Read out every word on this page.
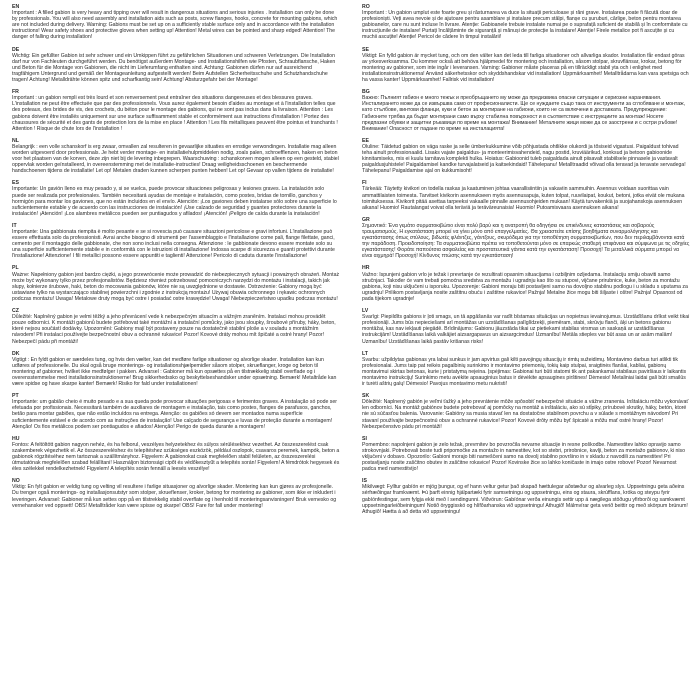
EN

Important : A filled gabion is very heavy and tipping over will result in dangerous situations and serious injuries . Installation can only be done by professionals. You will also need assembly and installation aids such as posts, screw flanges, hooks, concrete for mounting gabions, which are not included during delivery. Warning: Gabions must be set up on a sufficiently stable surface only and in accordance with the installation instructions! Wear safety shoes and protective gloves when setting up! Attention! Metal wires can be pointed and sharp edged! Attention! The danger of falling during installation!

DE

Wichtig: Ein gefüllter Gabion ist sehr schwer und ein Umkippen führt zu gefährlichen Situationen und schweren Verletzungen. Die Installation darf nur von Fachleuten durchgeführt werden. Du benötigst außerdem Montage- und Installationshilfen wie Pfosten, Schraubflansche, Haken und Beton für die Montage von Gabionen, die nicht im Lieferumfang enthalten sind. Achtung: Gabionen dürfen nur auf ausreichend tragfähigem Untergrund und gemäß der Montageanleitung aufgestellt werden! Beim Aufstellen Sicherheitsschuhe und Schutzhandschuhe tragen! Achtung! Metalldrähte können spitz und scharfkantig sein! Achtung! Absturzgefahr bei der Montage!

FR

Important : un gabion rempli est très lourd et son renversement peut entraîner des situations dangereuses et des blessures graves. L'installation ne peut être effectuée que par des professionnels. Vous aurez également besoin d'aides au montage et à l'installation telles que des poteaux, des brides de vis, des crochets, du béton pour le montage des gabions, qui ne sont pas inclus dans la livraison. Attention : Les gabions doivent être installés uniquement sur une surface suffisamment stable et conformément aux instructions d'installation ! Portez des chaussures de sécurité et des gants de protection lors de la mise en place ! Attention ! Les fils métalliques peuvent être pointus et tranchants ! Attention ! Risque de chute lors de l'installation !

NL

Belangrijk : een volle schanskorf is erg zwaar, omvallen zal resulteren in gevaarlijke situaties en ernstige verwondingen. Installatie mag alleen worden uitgevoerd door professionals. Je hebt verder montage- en installatiehulpmiddelen nodig, zoals palen, schroefflenzen, haken en beton voor het plaatsen van de korven, deze zijn niet bij de levering inbegrepen. Waarschuwing : schanskorven mogen alleen op een gesteld, stabiel oppervlak worden geïnstalleerd, in overeenstemming met de installatie-instructies! Draag veiligheidsschoenen en beschermende handschoenen tijdens de installatie! Let op! Metalen draden kunnen scherpen punten hebben! Let op! Gevaar op vallen tijdens de installatie!

ES

Importante: Un gavión lleno es muy pesado y, si se vuelca, puede provocar situaciones peligrosas y lesiones graves. La instalación solo puede ser realizada por profesionales. También necesitará ayudas de montaje e instalación, como postes, bridas de tornillo, ganchos y hormigón para montar los gaviones, que no están incluidos en el envío. Atención: ¡Los gaviones deben instalarse sólo sobre una superficie lo suficientemente estable y de acuerdo con las instrucciones de instalación! ¡Use calzado de seguridad y guantes protectores durante la instalación! ¡Atención! ¡Los alambres metálicos pueden ser puntiagudos y afilados! ¡Atención! ¡Peligro de caída durante la instalación!

IT

Importante: Una gabbionata riempita è molto pesante e se si rovescia può causare situazioni pericolose e gravi infortuni. L'installazione può essere effettuata solo da professionisti. Avrai anche bisogno di strumenti per l'assemblaggio e l'installazione come pali, flange filettate, ganci, cemento per il montaggio delle gabbionate, che non sono inclusi nella consegna. Attenzione : le gabbionate devono essere montate solo su una superficie sufficientemente stabile e in conformità con le istruzioni di installazione! Indossa scarpe di sicurezza e guanti protettivi durante l'installazione! Attenzione! I fili metallici possono essere appuntiti e taglienti! Attenzione! Pericolo di caduta durante l'installazione!

PL

Ważne: Napełniony gabion jest bardzo ciężki, a jego przewrócenie może prowadzić do niebezpiecznych sytuacji i poważnych obrażeń. Montaż może być wykonany tylko przez profesjonalistów. Będziesz również potrzebować pomocniczych narzędzi do montażu i instalacji, takich jak słupy, kołnierze śrubowe, haki, beton do mocowania gabionów, które nie są uwzględnione w dostawie. Ostrzeżenie: Gabiony mogą być ustawiane tylko na wystarczająco stabilnej powierzchni i zgodnie z instrukcją montażu! Używaj obuwia ochronnego i rękawic ochronnych podczas montażu! Uwaga! Metalowe druty mogą być ostre i posiadać ostre krawędzie! Uwaga! Niebezpieczeństwo upadku podczas montażu!

CZ

Důležité: Naplněný gabion je velmi těžký a jeho převrácení vede k nebezpečným situacím a vážným zraněním. Instalaci mohou provádět pouze odborníci. K montáži gabionů budete potřebovat také montážní a instalační pomůcky, jako jsou sloupky, šroubové příruby, háky, beton, které nejsou součástí dodávky. Upozornění: Gabiony mají být postaveny pouze na dostatečně stabilní ploše a v souladu s montážním návodem! Při instalaci používejte bezpečnostní obuv a ochranné rukavice! Pozor! Kovové dráty mohou mít špičaté a ostré hrany! Pozor! Nebezpečí pádu při montáži!

DK

Vigtigt : En fyldt gabion er særdeles tung, og hvis den vælter, kan det medføre farlige situationer og alvorlige skader. Installation kan kun udføres af professionelle. Du skal også bruge monterings- og installationshjælpemidler såsom stolper, skrueflanger, kroge og beton til montering af gabioner, hvilket ikke medfølger i pakken. Advarsel : Gabioner må kun opsættes på en tilstrækkelig stabil overflade og i overensstemmelse med installationsinstruktionerne! Brug sikkerhedssko og beskyttelseshandsker under opsætning. Bemærk! Metaltråde kan være spidse og have skarpe kanter! Bemærk! Risiko for fald under installationen!

PT

Importante: um gabião cheio é muito pesado e a sua queda pode provocar situações perigosas e ferimentos graves. A instalação só pode ser efetuada por profissionais. Necessitará também de auxiliares de montagem e instalação, tais como postes, flanges de parafusos, ganchos, betão para montar gabiões, que não estão incluídos na entrega. Atenção: os gabiões só devem ser montados numa superfície suficientemente estável e de acordo com as instruções de instalação! Use calçado de segurança e luvas de proteção durante a montagem! Atenção! Os fios metálicos podem ser pontiagudos e afiados! Atenção! Perigo de queda durante a montagem!

HU

Fontos: A feltöltött gabion nagyon nehéz, és ha felborul, veszélyes helyzetekhez és súlyos sérülésekhez vezethet. Az összeszerelést csak szakemberek végezhetik el. Az összeszereléshez és telepítéshez szükséges eszközök, például oszlopok, csavaros peremek, kampók, beton a gabionok rögzítéséhez nem tartoznak a szállítmányhoz. Figyelem: A gabionokat csak megfelelően stabil felületen, az összeszerelési útmutatónak megfelelően szabad felállítani! Használjon biztonsági cipőt és védőkesztyűt a telepítés során! Figyelem! A fémdrótok hegyesek és éles szélekkel rendelkezhetnek! Figyelem! A telepítés során fennáll a leesés veszélye!

NO

Viktig: En fylt gabion er veldig tung og velting vil resultere i farlige situasjoner og alvorlige skader. Montering kan kun gjøres av profesjonelle. Du trenger også monterings- og installasjonsutstyr som stolper, skrueflenser, kroker, betong for montering av gabioner, som ikke er inkludert i leveringen. Advarsel: Gabioner må kun settes opp på en tilstrekkelig stabil overflate og i henhold til monteringsanvisningen! Bruk vernesko og vernehansker ved oppsett! OBS! Metalltråder kan være spisse og skarpe! OBS! Fare for fall under montering!

RO

Important : Un gabion umplut este foarte greu și răsturnarea va duce la situații periculoase și răni grave. Instalarea poate fi făcută doar de profesioniști. Veți avea nevoie și de ajutoare pentru asamblare și instalare precum stâlpi, flanșe cu șuruburi, cârlige, beton pentru montarea gabioanelor, care nu sunt incluse în livrare. Atenție: Gabioanele trebuie instalate numai pe o suprafață suficient de stabilă și în conformitate cu instrucțiunile de instalare! Purtați încălțăminte de siguranță și mănuși de protecție la instalare! Atenție! Firele metalice pot fi ascuțite și cu muchii ascuțite! Atenție! Pericol de cădere în timpul instalării!

SE

Viktigt: En fylld gabion är mycket tung, och om den välter kan det leda till farliga situationer och allvarliga skador. Installation får endast göras av yrkesverksamma. Du kommer också att behöva hjälpmedel för montering och installation, såsom stolpar, skruvflänsar, krokar, betong för montering av gabioner, som inte ingår i leveransen. Varning: Gabioner måste placeras på en tillräckligt stabil yta och i enlighet med installationsinstruktionerna! Använd säkerhetsskor och skyddshandskar vid installation! Uppmärksamhet! Metalltrådarna kan vara spetsiga och ha vassa kanter! Uppmärksamhet! Fallrisk vid installation!

BG

Важно: Пълният габион е много тежък и преобръщането му може да предизвика опасни ситуации и сериозни наранявания. Инсталирането може да се извършва само от професионалисти. Ще се нуждаете също така от инструменти за сглобяване и монтаж, като стълбове, винтови фланци, куки и бетон за монтиране на габиони, които не са включени в доставката. Предупреждение: Габионите трябва да бъдат монтирани само върху стабилна повърхност и в съответствие с инструкциите за монтаж! Носете предпазни обувки и защитни ръкавици по време на монтажа! Внимание! Металните жици може да се заострени и с остри ръбове! Внимание! Опасност от падане по време на инсталацията!

EE

Oluline: Täidetud gabion on väga raske ja selle ümberkukkumine võib põhjustada ohtlikke olukordi ja tõsiseid vigastusi. Paigaldust tohivad teha ainult professionaalid. Lisaks vajate paigaldus- ja monteerimisvahendeid, nagu postid, kruviäärikud, konksud ja betoon gabioonide kinnitamiseks, mis ei kuulu tarnitava komplekti hulka. Hoiatus: Gabioonid tuleb paigaldada ainult piisavalt stabiilsele pinnasele ja vastavalt paigaldusjuhistele! Paigaldamisel kandke turvajalatseid ja kaitsekindaid! Tähelepanu! Metalltraadid võivad olla teravad ja teravate servadega! Tähelepanu! Paigaldamise ajal on kukkumisoht!

FI

Tärkeää: Täytetty kivikori on todella raskas ja kaatuminen johtaa vaarallisiintiin ja vakaviin sammuihin. Asennus voidaan suorittaa vain ammattilaisten toimesta. Tarvitset kivikorin asennukseen myös asennusapuja, kuten tolpat, ruuvilaipat, koukut, betoni, jotka eivät ole mukana toimituksessa. Kivikorit pitää asettaa tarpeeksi vakaalle pinnalle asennusohjeiden mukaan! Käytä turvakenkiä ja suojahanskoja asennuksen aikana! Huomio! Rautalangat voivat olla teräviä ja teräväreunaisia! Huomio! Putoamisvaara asennuksen aikana!

GR

Σημαντικό: Ένα γεμάτο συρματοκιβώτιο είναι πολύ βαρύ και η ανατροπή θα οδηγήσει σε επικίνδυνες καταστάσεις και σοβαρούς τραυματισμούς. Η εγκατάσταση μπορεί να γίνει μόνο από επαγγελματίες. Θα χρειαστείτε επίσης βοηθήματα συναρμολόγησης και εγκατάστασης όπως στύλους, βιδωτές φλάντζες, γάντζους, σκυρόδεμα για την τοποθέτηση συρματοκιβωτίων, που δεν περιλαμβάνονται κατά την παράδοση. Προειδοποίηση: Τα συρματοκιβώτια πρέπει να τοποθετούνται μόνο σε επαρκώς σταθερή επιφάνεια και σύμφωνα με τις οδηγίες εγκατάστασης! Φοράτε παπούτσια ασφαλείας και προστατευτικά γάντια κατά την εγκατάσταση! Προσοχή! Τα μεταλλικά σύρματα μπορεί να είναι αιχμηρά! Προσοχή! Κίνδυνος πτώσης κατά την εγκατάσταση!

HR

Važno: Ispunjeni gabion vrlo je težak i prevrtanje će rezultirati opasnim situacijama i ozbiljnim ozljedama. Instalaciju smiju obaviti samo stručnjaci. Također će vam trebati pomoćna sredstva za montažu i ugradnju kao što su stupovi, vijčane prirubnice, kuke, beton za montažu gabiona, koji nisu uključeni u isporuku. Upozorenje: Gabioni moraju biti postavljeni samo na dovoljno stabilnu podlogu i u skladu s uputama za ugradnju! Prilikom postavljanja nosite zaštitnu obuću i zaštitne rukavice! Pažnja! Metalne žice mogu biti šiljaste i oštre! Pažnja! Opasnost od pada tijekom ugradnje!

LV

Svarīgi: Piepildīts gabions ir ļoti smags, un tā apgāšanās var radīt bīstamas situācijas un nopietnus ievainojumus. Uzstādīšanu drīkst veikt tikai profesionāļi. Jums būs nepieciešami arī montāžas un uzstādīšanas palīglīdzekļi, piemēram, stabi, skrūvju flanči, āķi un betons gabionu montāžai, kas nav iekļauti piegādē. Brīdinājums: Gabionu jāuzstāda tikai uz pietiekami stabilas virsmas un saskaņā ar uzstādīšanas instrukcijām! Uzstādīšanas laikā valkājiet aizsargapavus un aizsargcimdus! Uzmanību! Metāla stieples var būt asas un ar asām malām! Uzmanību! Uzstādīšanas laikā pastāv krišanas risks!

LT

Svarbu: užpildytas gabionas yra labai sunkus ir jam apvirtus gali kilti pavojingų situacijų ir rimtų sužeidimų. Montavimo darbus turi atlikti tik profesionalai. Jums taip pat reikės pagalbinių surinkimo ir montavimo priemonių, tokių kaip stulpai, sraigtinės flanšai, kabliai, gabionų montavimui skirtas betonas, kurie į pristatymą neįeina. Įspėjimas: Gabionai turi būti statomi tik ant pakankamai stabilaus paviršiaus ir laikantis montavimo instrukcijų! Surinkimo metu avėkite apsauginius batus ir dėvėkite apsaugines pirštines! Dėmesio! Metaliniai laidai gali būti smailūs ir turėti aštrių galų! Dėmesio! Pavojus montavimo metu nukristi!

SK

Dôležité: Naplnený gabión je veľmi ťažký a jeho prevrátenie môže spôsobiť nebezpečné situácie a vážne zranenia. Inštaláciu môžu vykonávať len odborníci. Na montáž gabiónov budete potrebovať aj pomôcky na montáž a inštaláciu, ako sú stĺpiky, prírubové skrutky, háky, betón, ktoré nie sú súčasťou balenia. Varovanie: Gabióny sa musia stavať len na dostatočne stabilnom povrchu a v súlade s montážnym návodom! Pri stavaní používajte bezpečnostnú obuv a ochranné rukavice! Pozor! Kovové drôty môžu byť špicaté a môžu mať ostré hrany! Pozor! Nebezpečenstvo pádu pri montáži!

SI

Pomembno: napolnjeni gabion je zelo težak, prevrnitev bo povzročila nevarne situacije in resne poškodbe. Namestitev lahko opravijo samo strokovnjaki. Potrebovali boste tudi pripomočke za montažo in namestitev, kot so stebri, prirobnice, kavlji, beton za montažo gabionov, ki niso vključeni v dobavo. Opozorilo: Gabioni morajo biti nameščeni samo na dovolj stabilno površino in v skladu z navodili za namestitev! Pri postavljanju nosite zaščitno obutev in zaščitne rokavice! Pozor! Kovinske žice so lahko koničaste in imajo ostre robove! Pozor! Nevarnost padca med namestitvijo!

IS

Mikilvægt: Fylltur gabíón er mjög þungur, og ef hann veltur getur það skapað hættulegar aðstæður og alvarleg slys. Uppsetningu geta aðeins sérfræðingar framkvæmt. Þú þarft einnig hjálpartæki fyrir samsetningu og uppsetningu, eins og staura, skrúfflans, króka og steypu fyrir gabíónfestingar, sem fylgja ekki með í sendingunni. Viðvörun: Gabíónar verða einungis settir upp á nægilega stöðugu yfirborði og samkvæmt uppsetningarleiðbeiningum! Notið öryggisskó og hlífðarhanska við uppsetningu! Athugið! Málmvírar geta verið beittir og með skörpum brúnum! Athugið! Hætta á að detta við uppsetningu!
